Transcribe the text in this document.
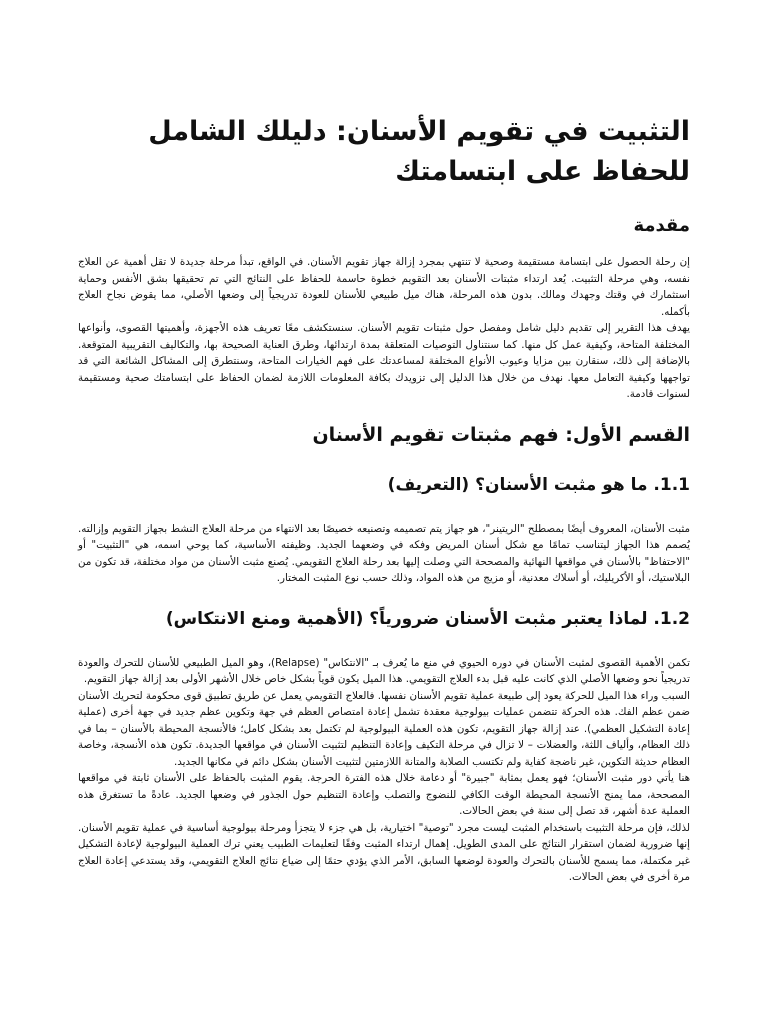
التثبيت في تقويم الأسنان: دليلك الشامل للحفاظ على ابتسامتك
مقدمة

إن رحلة الحصول على ابتسامة مستقيمة وصحية لا تنتهي بمجرد إزالة جهاز تقويم الأسنان. في الواقع، تبدأ مرحلة جديدة لا تقل أهمية عن العلاج نفسه، وهي مرحلة التثبيت. يُعد ارتداء مثبتات الأسنان بعد التقويم خطوة حاسمة للحفاظ على النتائج التي تم تحقيقها بشق الأنفس وحماية استثمارك في وقتك وجهدك ومالك. بدون هذه المرحلة، هناك ميل طبيعي للأسنان للعودة تدريجياً إلى وضعها الأصلي، مما يقوض نجاح العلاج بأكمله.

يهدف هذا التقرير إلى تقديم دليل شامل ومفصل حول مثبتات تقويم الأسنان. سنستكشف معًا تعريف هذه الأجهزة، وأهميتها القصوى، وأنواعها المختلفة المتاحة، وكيفية عمل كل منها. كما سنتناول التوصيات المتعلقة بمدة ارتدائها، وطرق العناية الصحيحة بها، والتكاليف التقريبية المتوقعة. بالإضافة إلى ذلك، سنقارن بين مزايا وعيوب الأنواع المختلفة لمساعدتك على فهم الخيارات المتاحة، وسنتطرق إلى المشاكل الشائعة التي قد تواجهها وكيفية التعامل معها. نهدف من خلال هذا الدليل إلى تزويدك بكافة المعلومات اللازمة لضمان الحفاظ على ابتسامتك صحية ومستقيمة لسنوات قادمة.

القسم الأول: فهم مثبتات تقويم الأسنان
1.1. ما هو مثبت الأسنان؟ (التعريف)

مثبت الأسنان، المعروف أيضًا بمصطلح "الريتينر"، هو جهاز يتم تصميمه وتصنيعه خصيصًا بعد الانتهاء من مرحلة العلاج النشط بجهاز التقويم وإزالته. يُصمم هذا الجهاز ليتناسب تمامًا مع شكل أسنان المريض وفكه في وضعهما الجديد. وظيفته الأساسية، كما يوحي اسمه، هي "التثبيت" أو "الاحتفاظ" بالأسنان في مواقعها النهائية والمصححة التي وصلت إليها بعد رحلة العلاج التقويمي. يُصنع مثبت الأسنان من مواد مختلفة، قد تكون من البلاستيك، أو الأكريليك، أو أسلاك معدنية، أو مزيج من هذه المواد، وذلك حسب نوع المثبت المختار.

1.2. لماذا يعتبر مثبت الأسنان ضرورياً؟ (الأهمية ومنع الانتكاس)

تكمن الأهمية القصوى لمثبت الأسنان في دوره الحيوي في منع ما يُعرف بـ "الانتكاس" (Relapse)، وهو الميل الطبيعي للأسنان للتحرك والعودة تدريجياً نحو وضعها الأصلي الذي كانت عليه قبل بدء العلاج التقويمي. هذا الميل يكون قوياً بشكل خاص خلال الأشهر الأولى بعد إزالة جهاز التقويم.

السبب وراء هذا الميل للحركة يعود إلى طبيعة عملية تقويم الأسنان نفسها. فالعلاج التقويمي يعمل عن طريق تطبيق قوى محكومة لتحريك الأسنان ضمن عظم الفك. هذه الحركة تتضمن عمليات بيولوجية معقدة تشمل إعادة امتصاص العظم في جهة وتكوين عظم جديد في جهة أخرى (عملية إعادة التشكيل العظمي). عند إزالة جهاز التقويم، تكون هذه العملية البيولوجية لم تكتمل بعد بشكل كامل؛ فالأنسجة المحيطة بالأسنان – بما في ذلك العظام، وألياف اللثة، والعضلات – لا تزال في مرحلة التكيف وإعادة التنظيم لتثبيت الأسنان في مواقعها الجديدة. تكون هذه الأنسجة، وخاصة العظام حديثة التكوين، غير ناضجة كفاية ولم تكتسب الصلابة والمتانة اللازمتين لتثبيت الأسنان بشكل دائم في مكانها الجديد.

هنا يأتي دور مثبت الأسنان؛ فهو يعمل بمثابة "جبيرة" أو دعامة خلال هذه الفترة الحرجة. يقوم المثبت بالحفاظ على الأسنان ثابتة في مواقعها المصححة، مما يمنح الأنسجة المحيطة الوقت الكافي للنضوج والتصلب وإعادة التنظيم حول الجذور في وضعها الجديد. عادةً ما تستغرق هذه العملية عدة أشهر، قد تصل إلى سنة في بعض الحالات.

لذلك، فإن مرحلة التثبيت باستخدام المثبت ليست مجرد "توصية" اختيارية، بل هي جزء لا يتجزأ ومرحلة بيولوجية أساسية في عملية تقويم الأسنان. إنها ضرورية لضمان استقرار النتائج على المدى الطويل. إهمال ارتداء المثبت وفقًا لتعليمات الطبيب يعني ترك العملية البيولوجية لإعادة التشكيل غير مكتملة، مما يسمح للأسنان بالتحرك والعودة لوضعها السابق، الأمر الذي يؤدي حتمًا إلى ضياع نتائج العلاج التقويمي، وقد يستدعي إعادة العلاج مرة أخرى في بعض الحالات.
